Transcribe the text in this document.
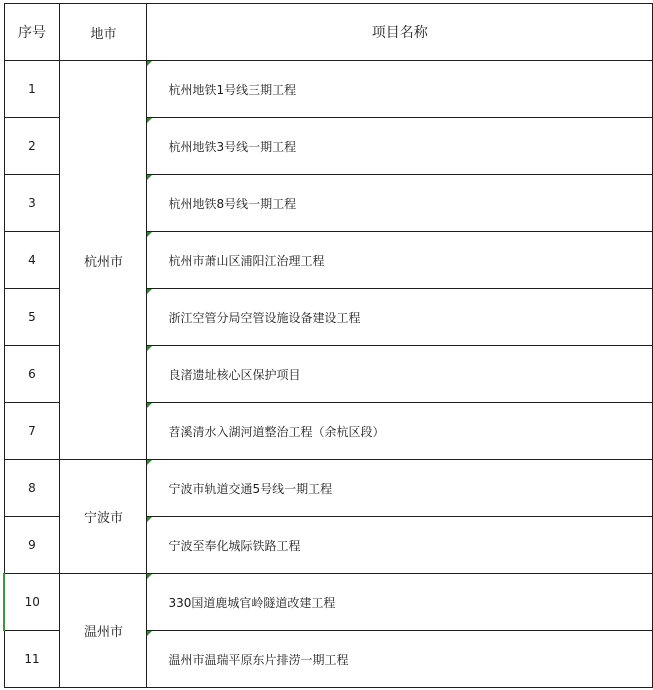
序号	地市	项目名称
1	杭州市	杭州地铁1号线三期工程
2		杭州地铁3号线一期工程
3		杭州地铁8号线一期工程
4		杭州市萧山区浦阳江治理工程
5		浙江空管分局空管设施设备建设工程
6		良渚遗址核心区保护项目
7		苕溪清水入湖河道整治工程（余杭区段）
8	宁波市	宁波市轨道交通5号线一期工程
9		宁波至奉化城际铁路工程
10	温州市	330国道鹿城官岭隧道改建工程
11		温州市温瑞平原东片排涝一期工程
